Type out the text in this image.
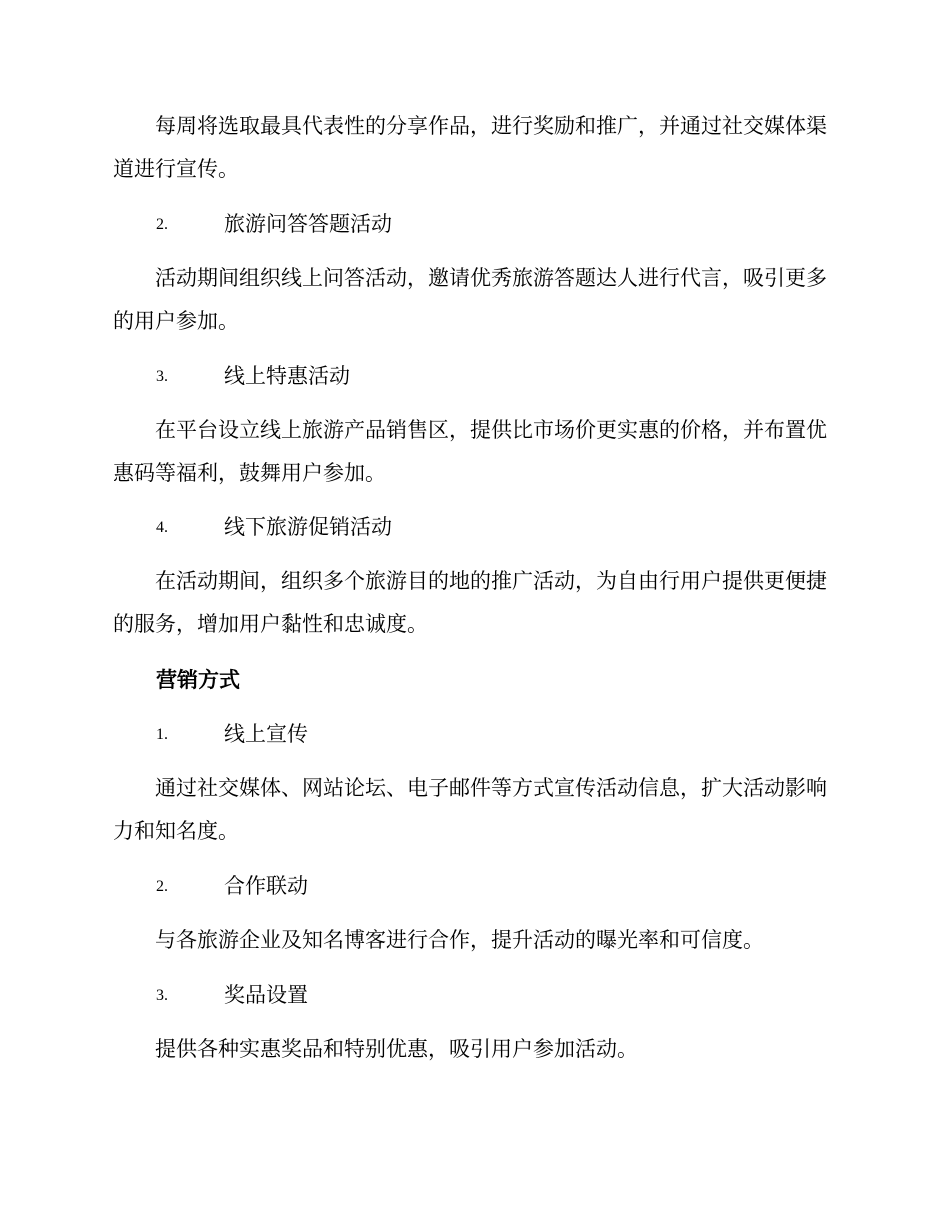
每周将选取最具代表性的分享作品，进行奖励和推广，并通过社交媒体渠道进行宣传。

2.	旅游问答答题活动

活动期间组织线上问答活动，邀请优秀旅游答题达人进行代言，吸引更多的用户参加。

3.	线上特惠活动

在平台设立线上旅游产品销售区，提供比市场价更实惠的价格，并布置优惠码等福利，鼓舞用户参加。

4.	线下旅游促销活动

在活动期间，组织多个旅游目的地的推广活动，为自由行用户提供更便捷的服务，增加用户黏性和忠诚度。

营销方式
1.	线上宣传

通过社交媒体、网站论坛、电子邮件等方式宣传活动信息，扩大活动影响力和知名度。

2.	合作联动

与各旅游企业及知名博客进行合作，提升活动的曝光率和可信度。

3.	奖品设置

提供各种实惠奖品和特别优惠，吸引用户参加活动。
